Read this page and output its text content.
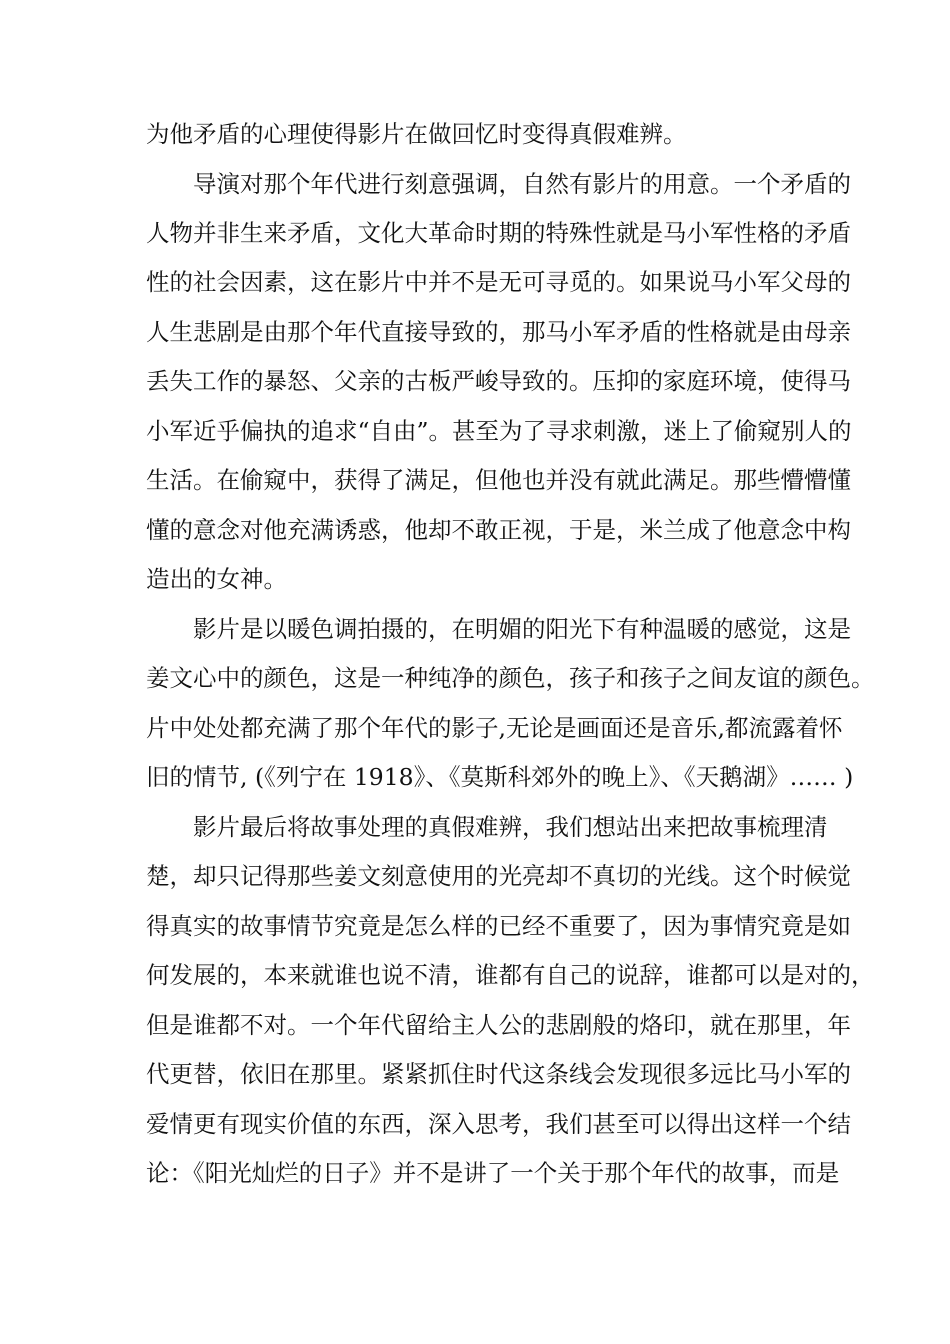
为他矛盾的心理使得影片在做回忆时变得真假难辨。
导演对那个年代进行刻意强调，自然有影片的用意。一个矛盾的
人物并非生来矛盾，文化大革命时期的特殊性就是马小军性格的矛盾
性的社会因素，这在影片中并不是无可寻觅的。如果说马小军父母的
人生悲剧是由那个年代直接导致的，那马小军矛盾的性格就是由母亲
丢失工作的暴怒、父亲的古板严峻导致的。压抑的家庭环境，使得马
小军近乎偏执的追求“自由”。甚至为了寻求刺激，迷上了偷窥别人的
生活。在偷窥中，获得了满足，但他也并没有就此满足。那些懵懵懂
懂的意念对他充满诱惑，他却不敢正视，于是，米兰成了他意念中构
造出的女神。
影片是以暖色调拍摄的，在明媚的阳光下有种温暖的感觉，这是
姜文心中的颜色，这是一种纯净的颜色，孩子和孩子之间友谊的颜色。
片中处处都充满了那个年代的影子,无论是画面还是音乐,都流露着怀
旧的情节, (《列宁在 1918》、《莫斯科郊外的晚上》、《天鹅湖》…… )
影片最后将故事处理的真假难辨，我们想站出来把故事梳理清
楚，却只记得那些姜文刻意使用的光亮却不真切的光线。这个时候觉
得真实的故事情节究竟是怎么样的已经不重要了，因为事情究竟是如
何发展的，本来就谁也说不清，谁都有自己的说辞，谁都可以是对的，
但是谁都不对。一个年代留给主人公的悲剧般的烙印，就在那里，年
代更替，依旧在那里。紧紧抓住时代这条线会发现很多远比马小军的
爱情更有现实价值的东西，深入思考，我们甚至可以得出这样一个结
论：《阳光灿烂的日子》并不是讲了一个关于那个年代的故事，而是
